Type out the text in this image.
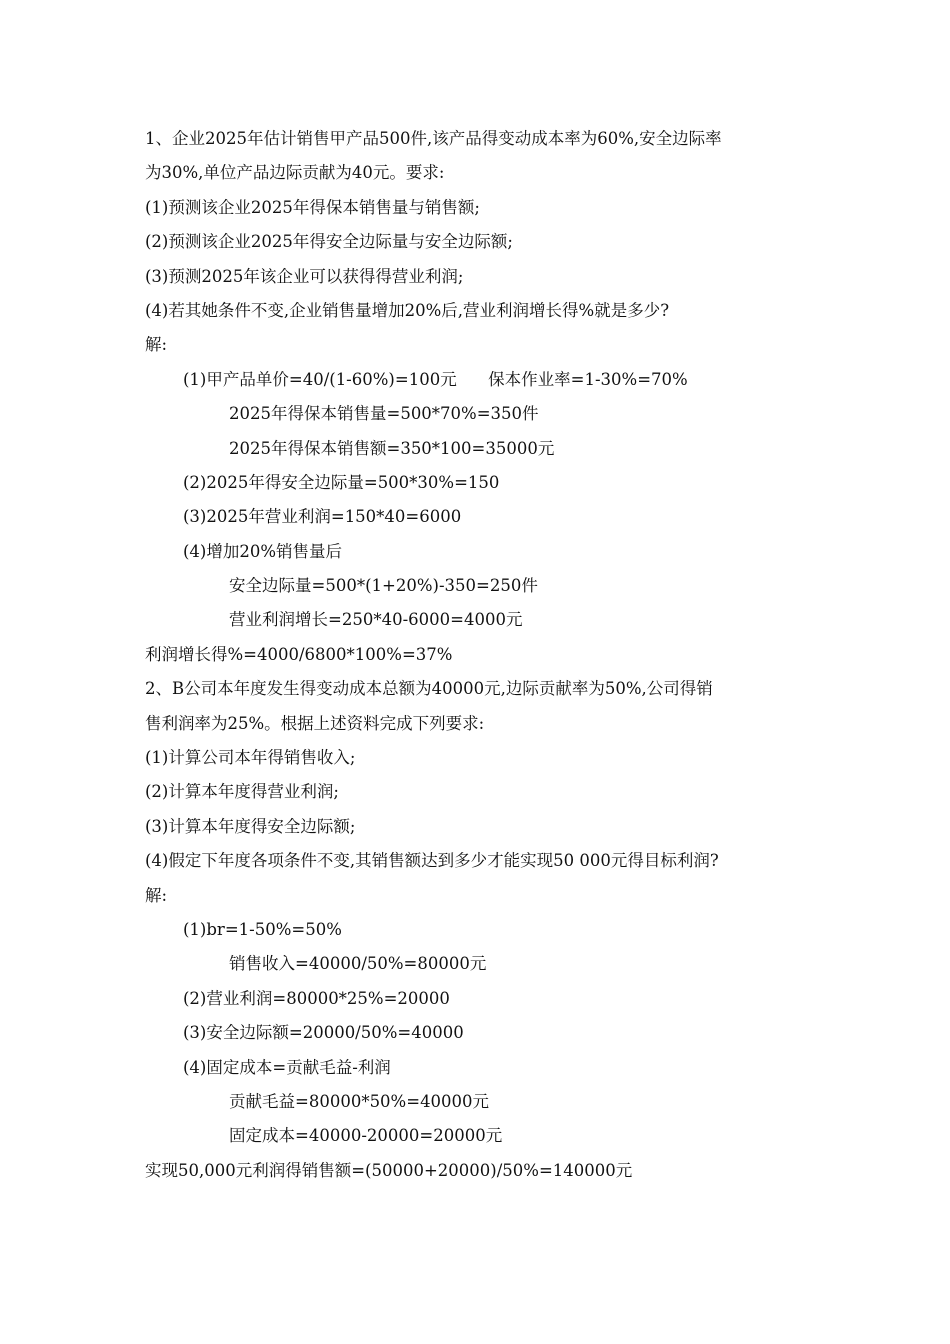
1、企业2025年估计销售甲产品500件,该产品得变动成本率为60%,安全边际率
为30%,单位产品边际贡献为40元。要求:
(1)预测该企业2025年得保本销售量与销售额;
(2)预测该企业2025年得安全边际量与安全边际额;
(3)预测2025年该企业可以获得得营业利润;
(4)若其她条件不变,企业销售量增加20%后,营业利润增长得%就是多少?
解:
(1)甲产品单价=40/(1-60%)=100元      保本作业率=1-30%=70%
2025年得保本销售量=500*70%=350件
2025年得保本销售额=350*100=35000元
(2)2025年得安全边际量=500*30%=150
(3)2025年营业利润=150*40=6000
(4)增加20%销售量后
安全边际量=500*(1+20%)-350=250件
营业利润增长=250*40-6000=4000元
利润增长得%=4000/6800*100%=37%
2、B公司本年度发生得变动成本总额为40000元,边际贡献率为50%,公司得销
售利润率为25%。根据上述资料完成下列要求:
(1)计算公司本年得销售收入;
(2)计算本年度得营业利润;
(3)计算本年度得安全边际额;
(4)假定下年度各项条件不变,其销售额达到多少才能实现50 000元得目标利润?
解:
(1)br=1-50%=50%
销售收入=40000/50%=80000元
(2)营业利润=80000*25%=20000
(3)安全边际额=20000/50%=40000
(4)固定成本=贡献毛益-利润
贡献毛益=80000*50%=40000元
固定成本=40000-20000=20000元
实现50,000元利润得销售额=(50000+20000)/50%=140000元
